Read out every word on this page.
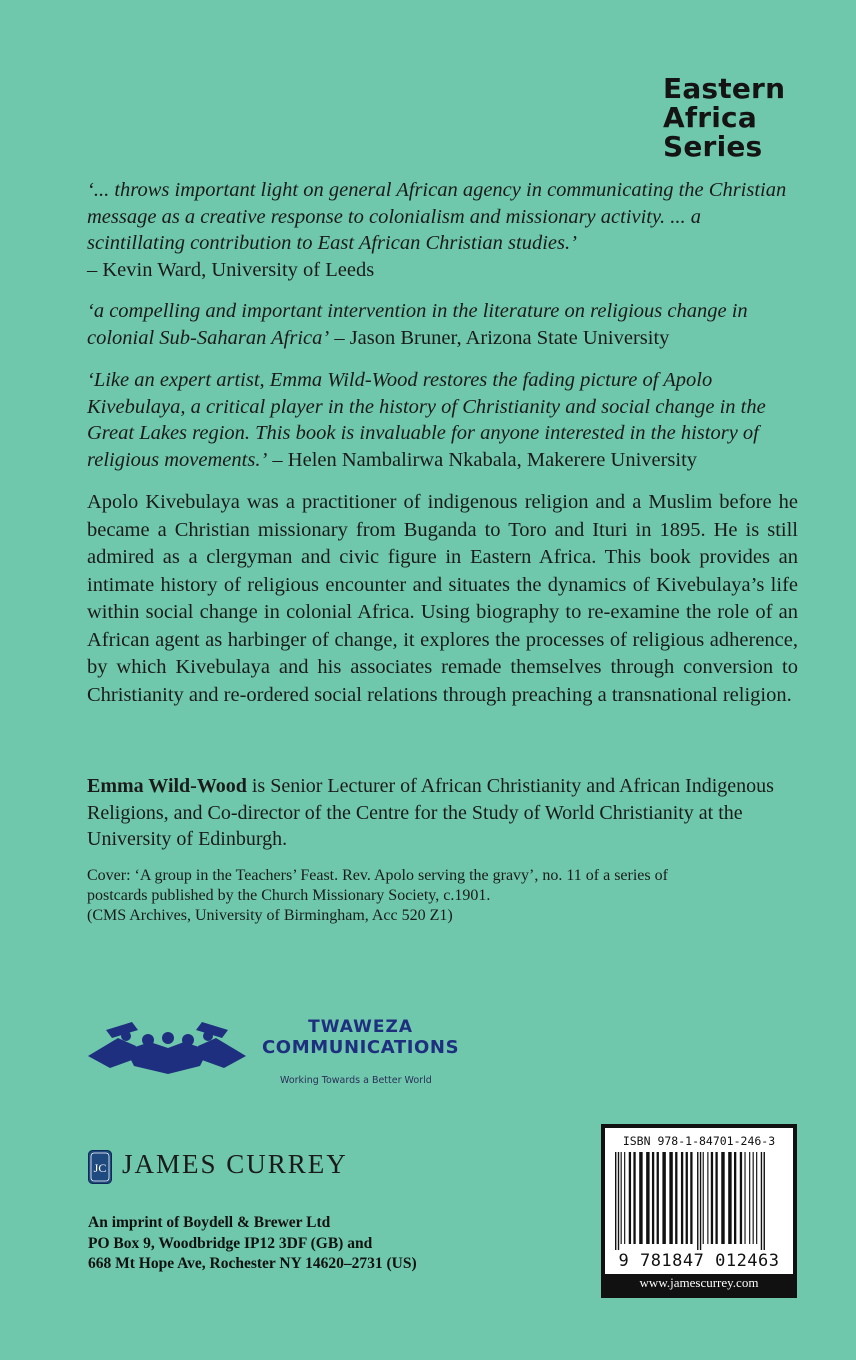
Eastern
Africa
Series
‘... throws important light on general African agency in communicating the Christian message as a creative response to colonialism and missionary activity. ... a scintillating contribution to East African Christian studies.’
– Kevin Ward, University of Leeds
‘a compelling and important intervention in the literature on religious change in colonial Sub-Saharan Africa’ – Jason Bruner, Arizona State University
‘Like an expert artist, Emma Wild-Wood restores the fading picture of Apolo Kivebulaya, a critical player in the history of Christianity and social change in the Great Lakes region. This book is invaluable for anyone interested in the history of religious movements.’ – Helen Nambalirwa Nkabala, Makerere University
Apolo Kivebulaya was a practitioner of indigenous religion and a Muslim before he became a Christian missionary from Buganda to Toro and Ituri in 1895. He is still admired as a clergyman and civic figure in Eastern Africa. This book provides an intimate history of religious encounter and situates the dynamics of Kivebulaya’s life within social change in colonial Africa. Using biography to re-examine the role of an African agent as harbinger of change, it explores the processes of religious adherence, by which Kivebulaya and his associates remade themselves through conversion to Christianity and re-ordered social relations through preaching a transnational religion.
Emma Wild-Wood is Senior Lecturer of African Christianity and African Indigenous Religions, and Co-director of the Centre for the Study of World Christianity at the University of Edinburgh.
Cover: ‘A group in the Teachers’ Feast. Rev. Apolo serving the gravy’, no. 11 of a series of
postcards published by the Church Missionary Society, c.1901.
(CMS Archives, University of Birmingham, Acc 520 Z1)
TWAWEZA
COMMUNICATIONS
Working Towards a Better World
JC JAMES CURREY
An imprint of Boydell & Brewer Ltd
PO Box 9, Woodbridge IP12 3DF (GB) and
668 Mt Hope Ave, Rochester NY 14620–2731 (US)
ISBN 978-1-84701-246-3
9 781847 012463
www.jamescurrey.com
